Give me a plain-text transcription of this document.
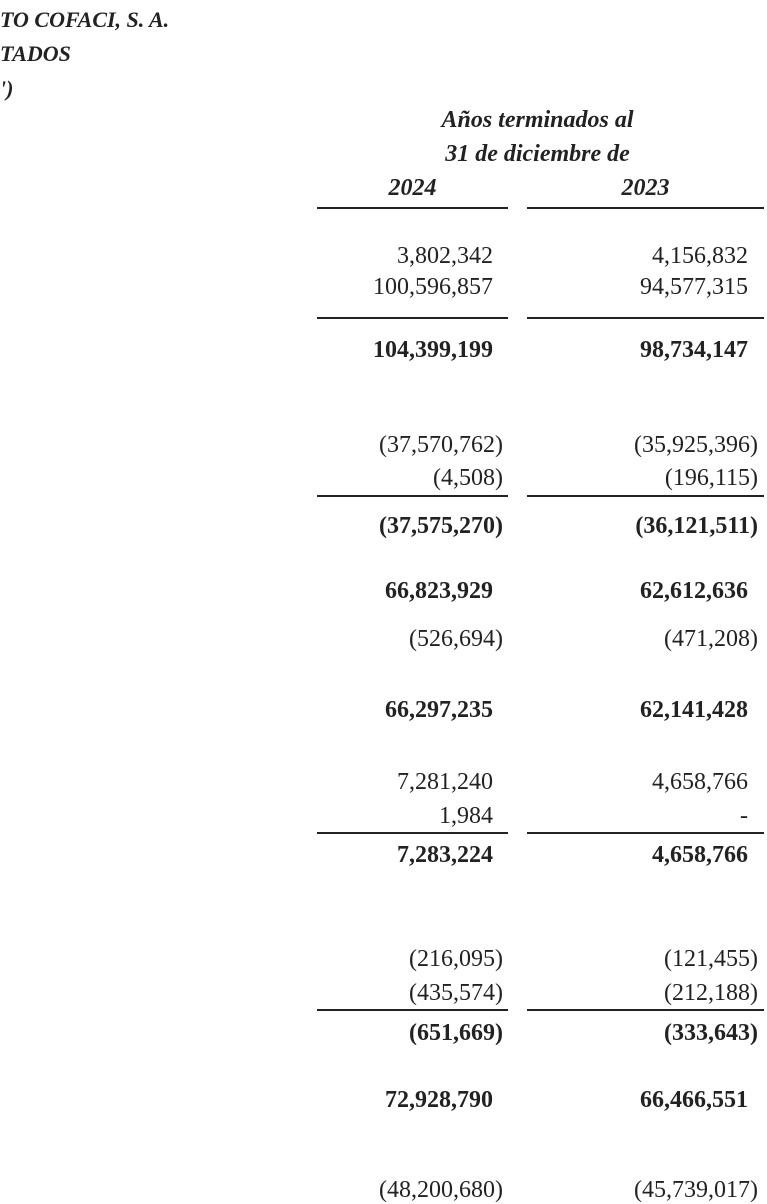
TO COFACI, S. A.
TADOS
')
Años terminados al
31 de diciembre de
2024	2023
3,802,342	4,156,832
100,596,857	94,577,315
104,399,199	98,734,147
(37,570,762)	(35,925,396)
(4,508)	(196,115)
(37,575,270)	(36,121,511)
66,823,929	62,612,636
(526,694)	(471,208)
66,297,235	62,141,428
7,281,240	4,658,766
1,984	-
7,283,224	4,658,766
(216,095)	(121,455)
(435,574)	(212,188)
(651,669)	(333,643)
72,928,790	66,466,551
(48,200,680)	(45,739,017)
